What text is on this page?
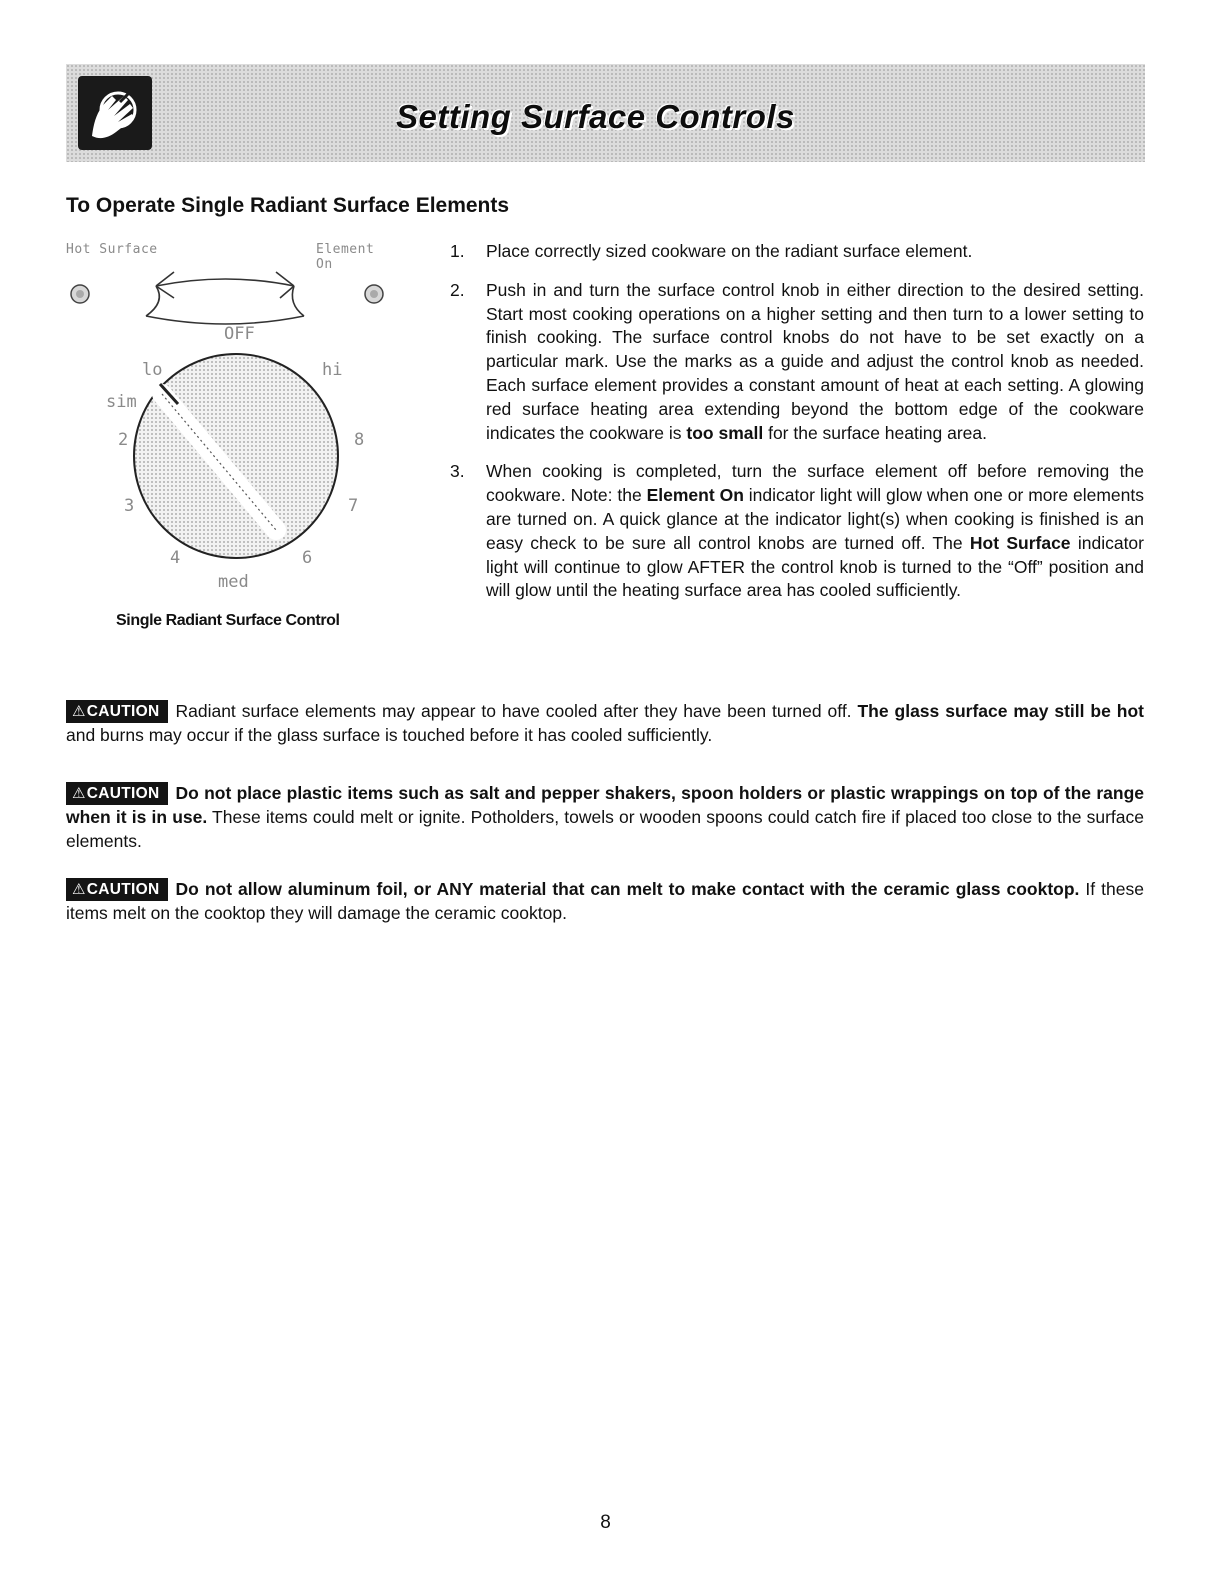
Setting Surface Controls
To Operate Single Radiant Surface Elements
Hot Surface	Element On
OFF
lo	hi
sim
2
3
4	6
7
8
med
Single Radiant Surface Control
1.	Place correctly sized cookware on the radiant surface element.
2.	Push in and turn the surface control knob in either direction to the desired setting. Start most cooking operations on a higher setting and then turn to a lower setting to finish cooking. The surface control knobs do not have to be set exactly on a particular mark. Use the marks as a guide and adjust the control knob as needed. Each surface element provides a constant amount of heat at each setting. A glowing red surface heating area extending beyond the bottom edge of the cookware indicates the cookware is too small for the surface heating area.
3.	When cooking is completed, turn the surface element off before removing the cookware. Note: the Element On indicator light will glow when one or more elements are turned on. A quick glance at the indicator light(s) when cooking is finished is an easy check to be sure all control knobs are turned off. The Hot Surface indicator light will continue to glow AFTER the control knob is turned to the “Off” position and will glow until the heating surface area has cooled sufficiently.
⚠CAUTION Radiant surface elements may appear to have cooled after they have been turned off. The glass surface may still be hot and burns may occur if the glass surface is touched before it has cooled sufficiently.
⚠CAUTION Do not place plastic items such as salt and pepper shakers, spoon holders or plastic wrappings on top of the range when it is in use. These items could melt or ignite. Potholders, towels or wooden spoons could catch fire if placed too close to the surface elements.
⚠CAUTION Do not allow aluminum foil, or ANY material that can melt to make contact with the ceramic glass cooktop. If these items melt on the cooktop they will damage the ceramic cooktop.
8
